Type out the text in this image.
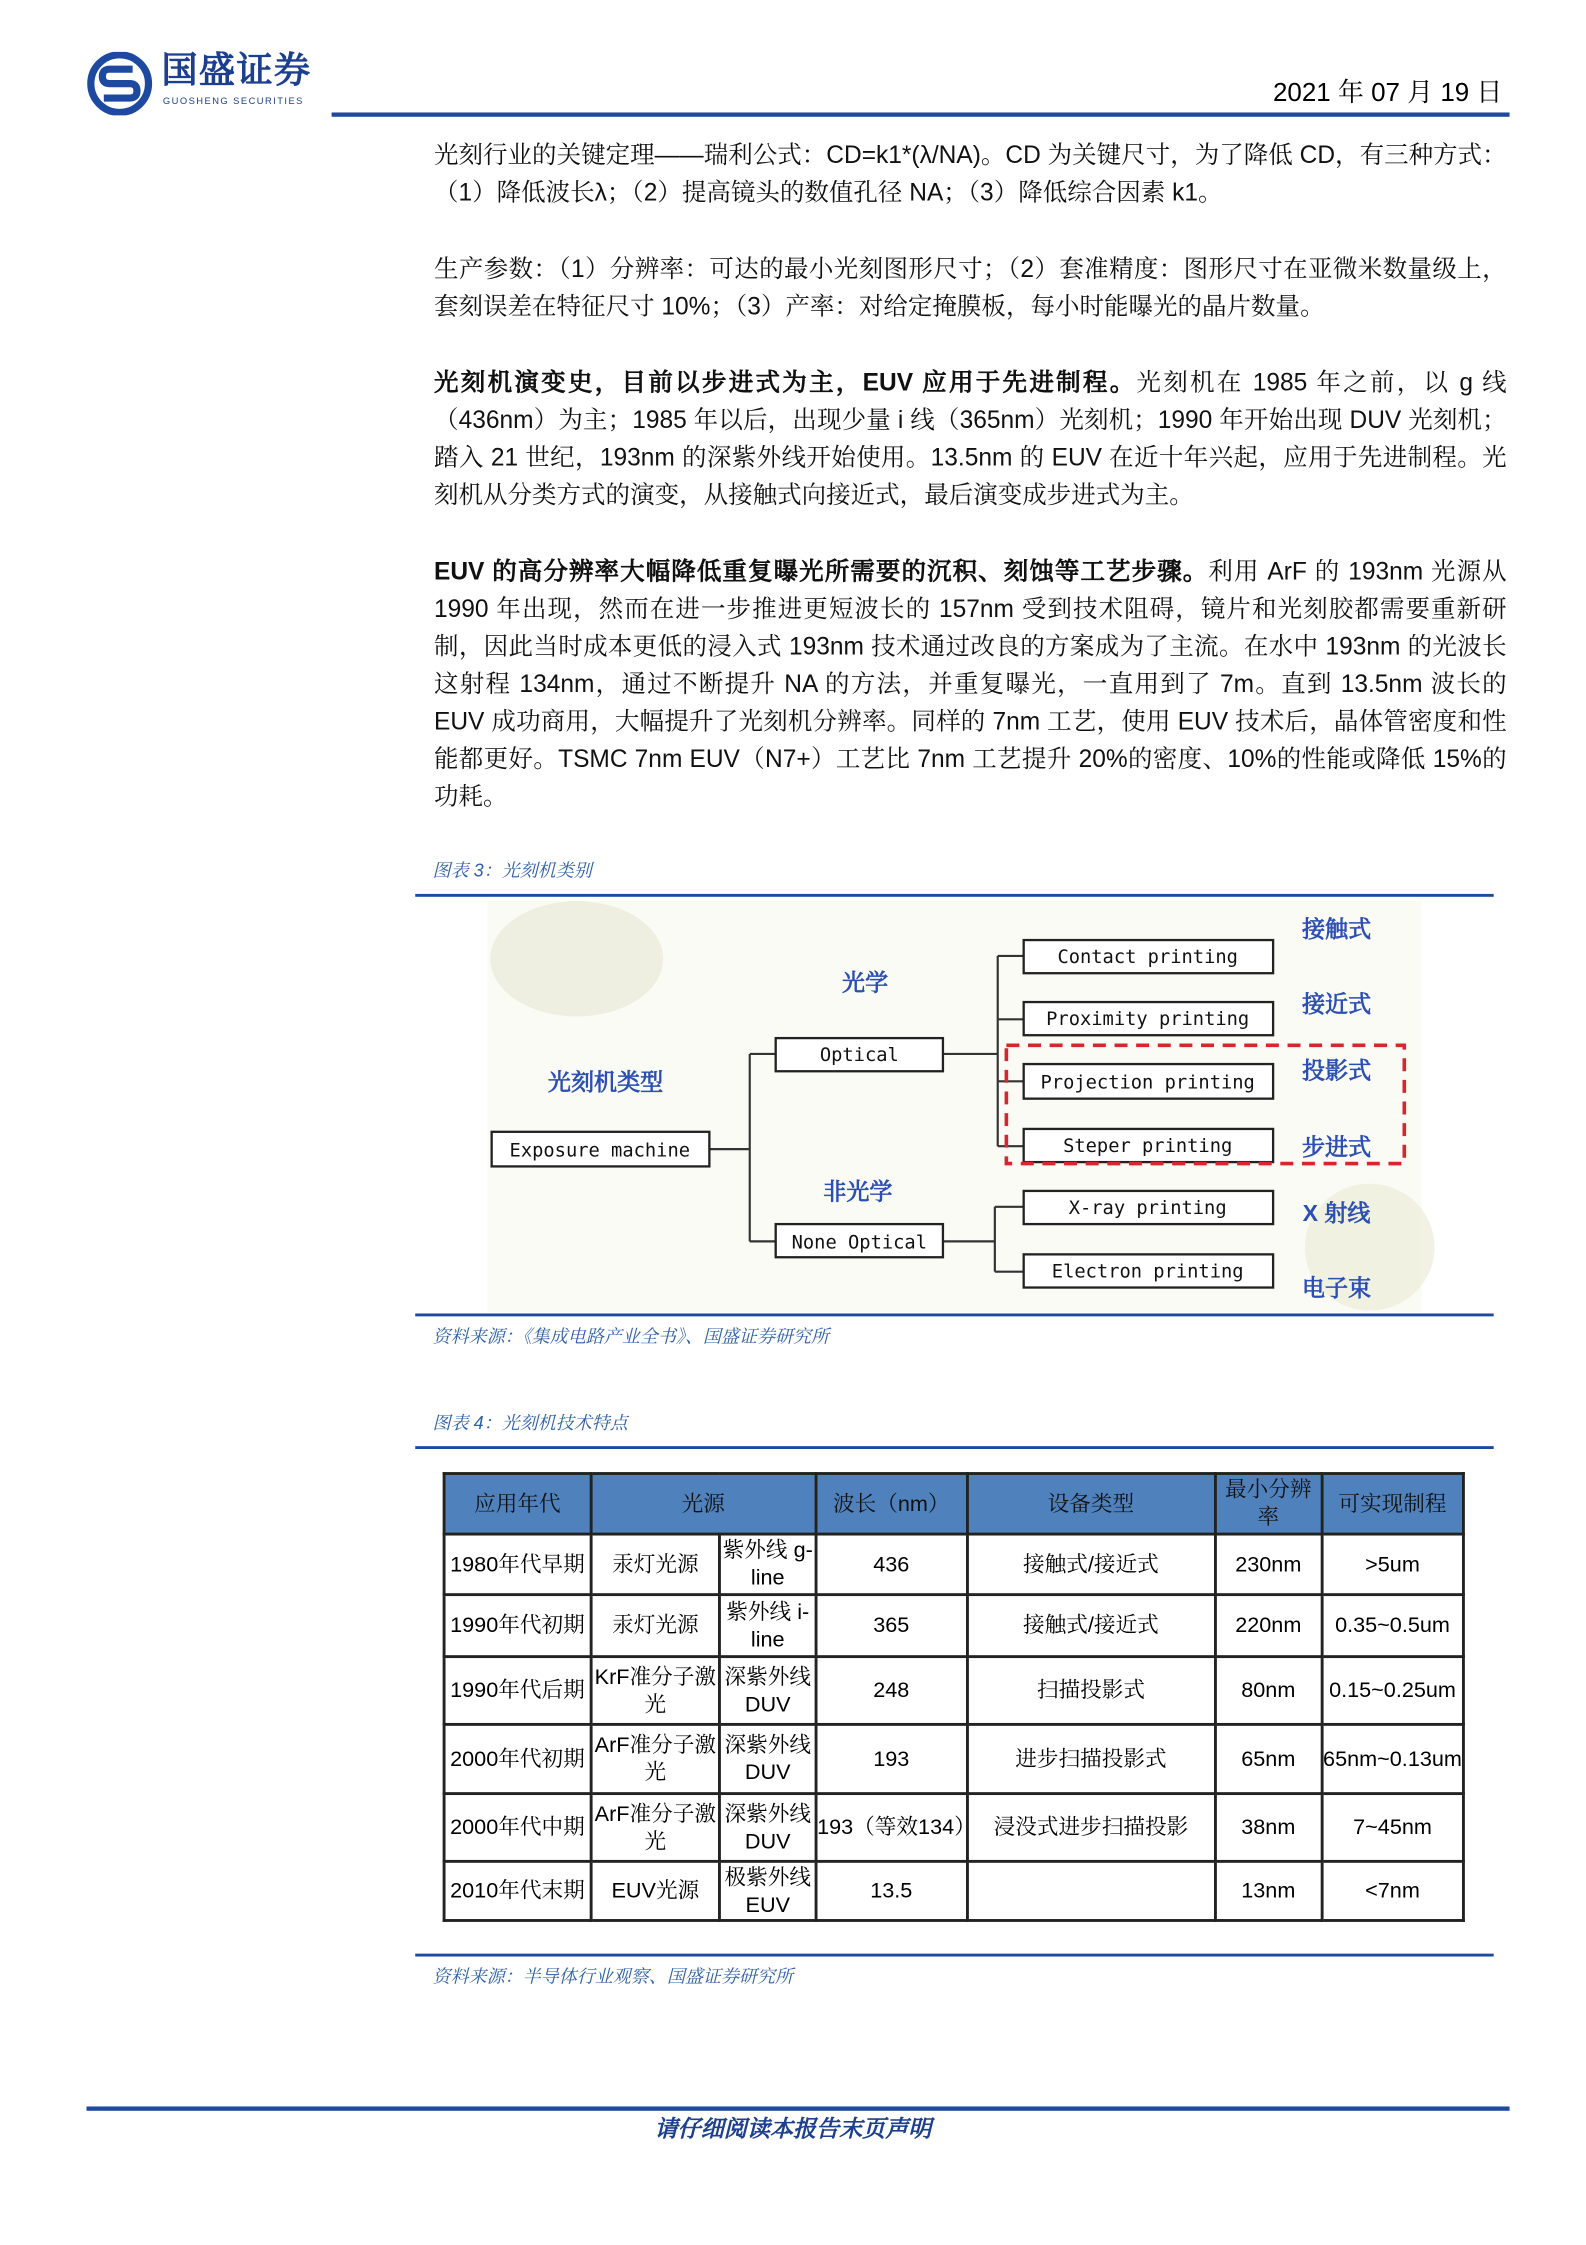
国盛证券
GUOSHENG SECURITIES	2021 年 07 月 19 日
光刻行业的关键定理——瑞利公式：CD=k1*(λ/NA)。CD 为关键尺寸，为了降低 CD，有三种方式：（1）降低波长λ；（2）提高镜头的数值孔径 NA；（3）降低综合因素 k1。
生产参数：（1）分辨率：可达的最小光刻图形尺寸；（2）套准精度：图形尺寸在亚微米数量级上，套刻误差在特征尺寸 10%；（3）产率：对给定掩膜板，每小时能曝光的晶片数量。
光刻机演变史，目前以步进式为主，EUV 应用于先进制程。光刻机在 1985 年之前，以 g 线（436nm）为主；1985 年以后，出现少量 i 线（365nm）光刻机；1990 年开始出现 DUV 光刻机；踏入 21 世纪，193nm 的深紫外线开始使用。13.5nm 的 EUV 在近十年兴起，应用于先进制程。光刻机从分类方式的演变，从接触式向接近式，最后演变成步进式为主。
EUV 的高分辨率大幅降低重复曝光所需要的沉积、刻蚀等工艺步骤。利用 ArF 的 193nm 光源从 1990 年出现，然而在进一步推进更短波长的 157nm 受到技术阻碍，镜片和光刻胶都需要重新研制，因此当时成本更低的浸入式 193nm 技术通过改良的方案成为了主流。在水中 193nm 的光波长这射程 134nm，通过不断提升 NA 的方法，并重复曝光，一直用到了 7m。直到 13.5nm 波长的 EUV 成功商用，大幅提升了光刻机分辨率。同样的 7nm 工艺，使用 EUV 技术后，晶体管密度和性能都更好。TSMC 7nm EUV（N7+）工艺比 7nm 工艺提升 20%的密度、10%的性能或降低 15%的功耗。
图表 3：光刻机类别
Exposure machine
Optical
None Optical
Contact printing
Proximity printing
Projection printing
Steper printing
X-ray printing
Electron printing
光刻机类型
光学
非光学
接触式
接近式
投影式
步进式
X 射线
电子束
资料来源：《集成电路产业全书》、国盛证券研究所
图表 4：光刻机技术特点
应用年代	光源		波长（nm）	设备类型	最小分辨率	可实现制程
1980年代早期	汞灯光源	紫外线 g-line	436	接触式/接近式	230nm	>5um
1990年代初期	汞灯光源	紫外线 i-line	365	接触式/接近式	220nm	0.35~0.5um
1990年代后期	KrF准分子激光	深紫外线 DUV	248	扫描投影式	80nm	0.15~0.25um
2000年代初期	ArF准分子激光	深紫外线 DUV	193	进步扫描投影式	65nm	65nm~0.13um
2000年代中期	ArF准分子激光	深紫外线 DUV	193（等效134）	浸没式进步扫描投影	38nm	7~45nm
2010年代末期	EUV光源	极紫外线 EUV	13.5		13nm	<7nm
资料来源：半导体行业观察、国盛证券研究所
请仔细阅读本报告末页声明
